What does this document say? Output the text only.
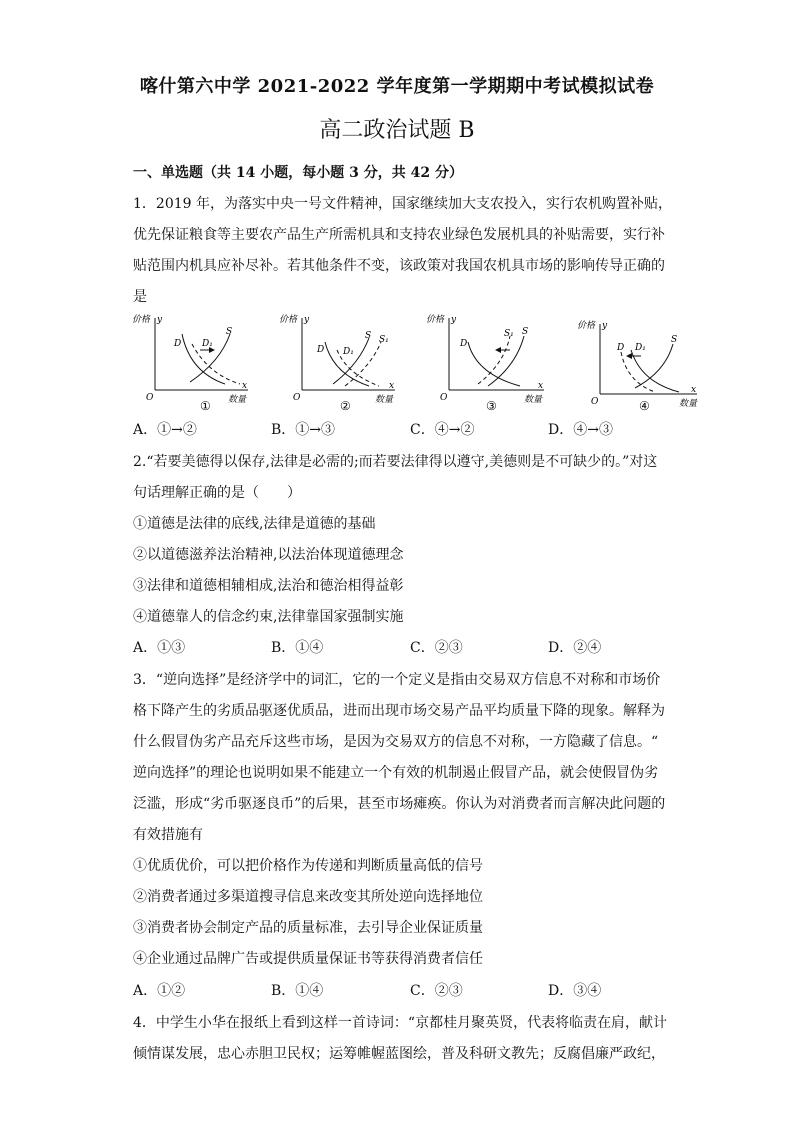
喀什第六中学 2021-2022 学年度第一学期期中考试模拟试卷
高二政治试题 B
一、单选题（共 14 小题，每小题 3 分，共 42 分）
1．2019 年，为落实中央一号文件精神，国家继续加大支农投入，实行农机购置补贴，
优先保证粮食等主要农产品生产所需机具和支持农业绿色发展机具的补贴需要，实行补
贴范围内机具应补尽补。若其他条件不变，该政策对我国农机具市场的影响传导正确的
是
价格 y
O
D D₁
S
x
数量
①
价格 y
O
D D₁
S S₁
x
数量
②
价格 y
O
D
S₁ S
x
数量
③
价格 y
O
D D₁
S
x
数量
④
A．①→②	B．①→③	C．④→②	D．④→③
2.“若要美德得以保存,法律是必需的;而若要法律得以遵守,美德则是不可缺少的。”对这
句话理解正确的是（　　）
①道德是法律的底线,法律是道德的基础
②以道德滋养法治精神,以法治体现道德理念
③法律和道德相辅相成,法治和德治相得益彰
④道德靠人的信念约束,法律靠国家强制实施
A．①③	B．①④	C．②③	D．②④
3．“逆向选择”是经济学中的词汇，它的一个定义是指由交易双方信息不对称和市场价
格下降产生的劣质品驱逐优质品，进而出现市场交易产品平均质量下降的现象。解释为
什么假冒伪劣产品充斥这些市场，是因为交易双方的信息不对称，一方隐藏了信息。“
逆向选择”的理论也说明如果不能建立一个有效的机制遏止假冒产品，就会使假冒伪劣
泛滥，形成“劣币驱逐良币”的后果，甚至市场瘫痪。你认为对消费者而言解决此问题的
有效措施有
①优质优价，可以把价格作为传递和判断质量高低的信号
②消费者通过多渠道搜寻信息来改变其所处逆向选择地位
③消费者协会制定产品的质量标准，去引导企业保证质量
④企业通过品牌广告或提供质量保证书等获得消费者信任
A．①②	B．①④	C．②③	D．③④
4．中学生小华在报纸上看到这样一首诗词：“京都桂月聚英贤，代表将临责在肩，献计
倾情谋发展，忠心赤胆卫民权；运筹帷幄蓝图绘，普及科研文教先；反腐倡廉严政纪，
